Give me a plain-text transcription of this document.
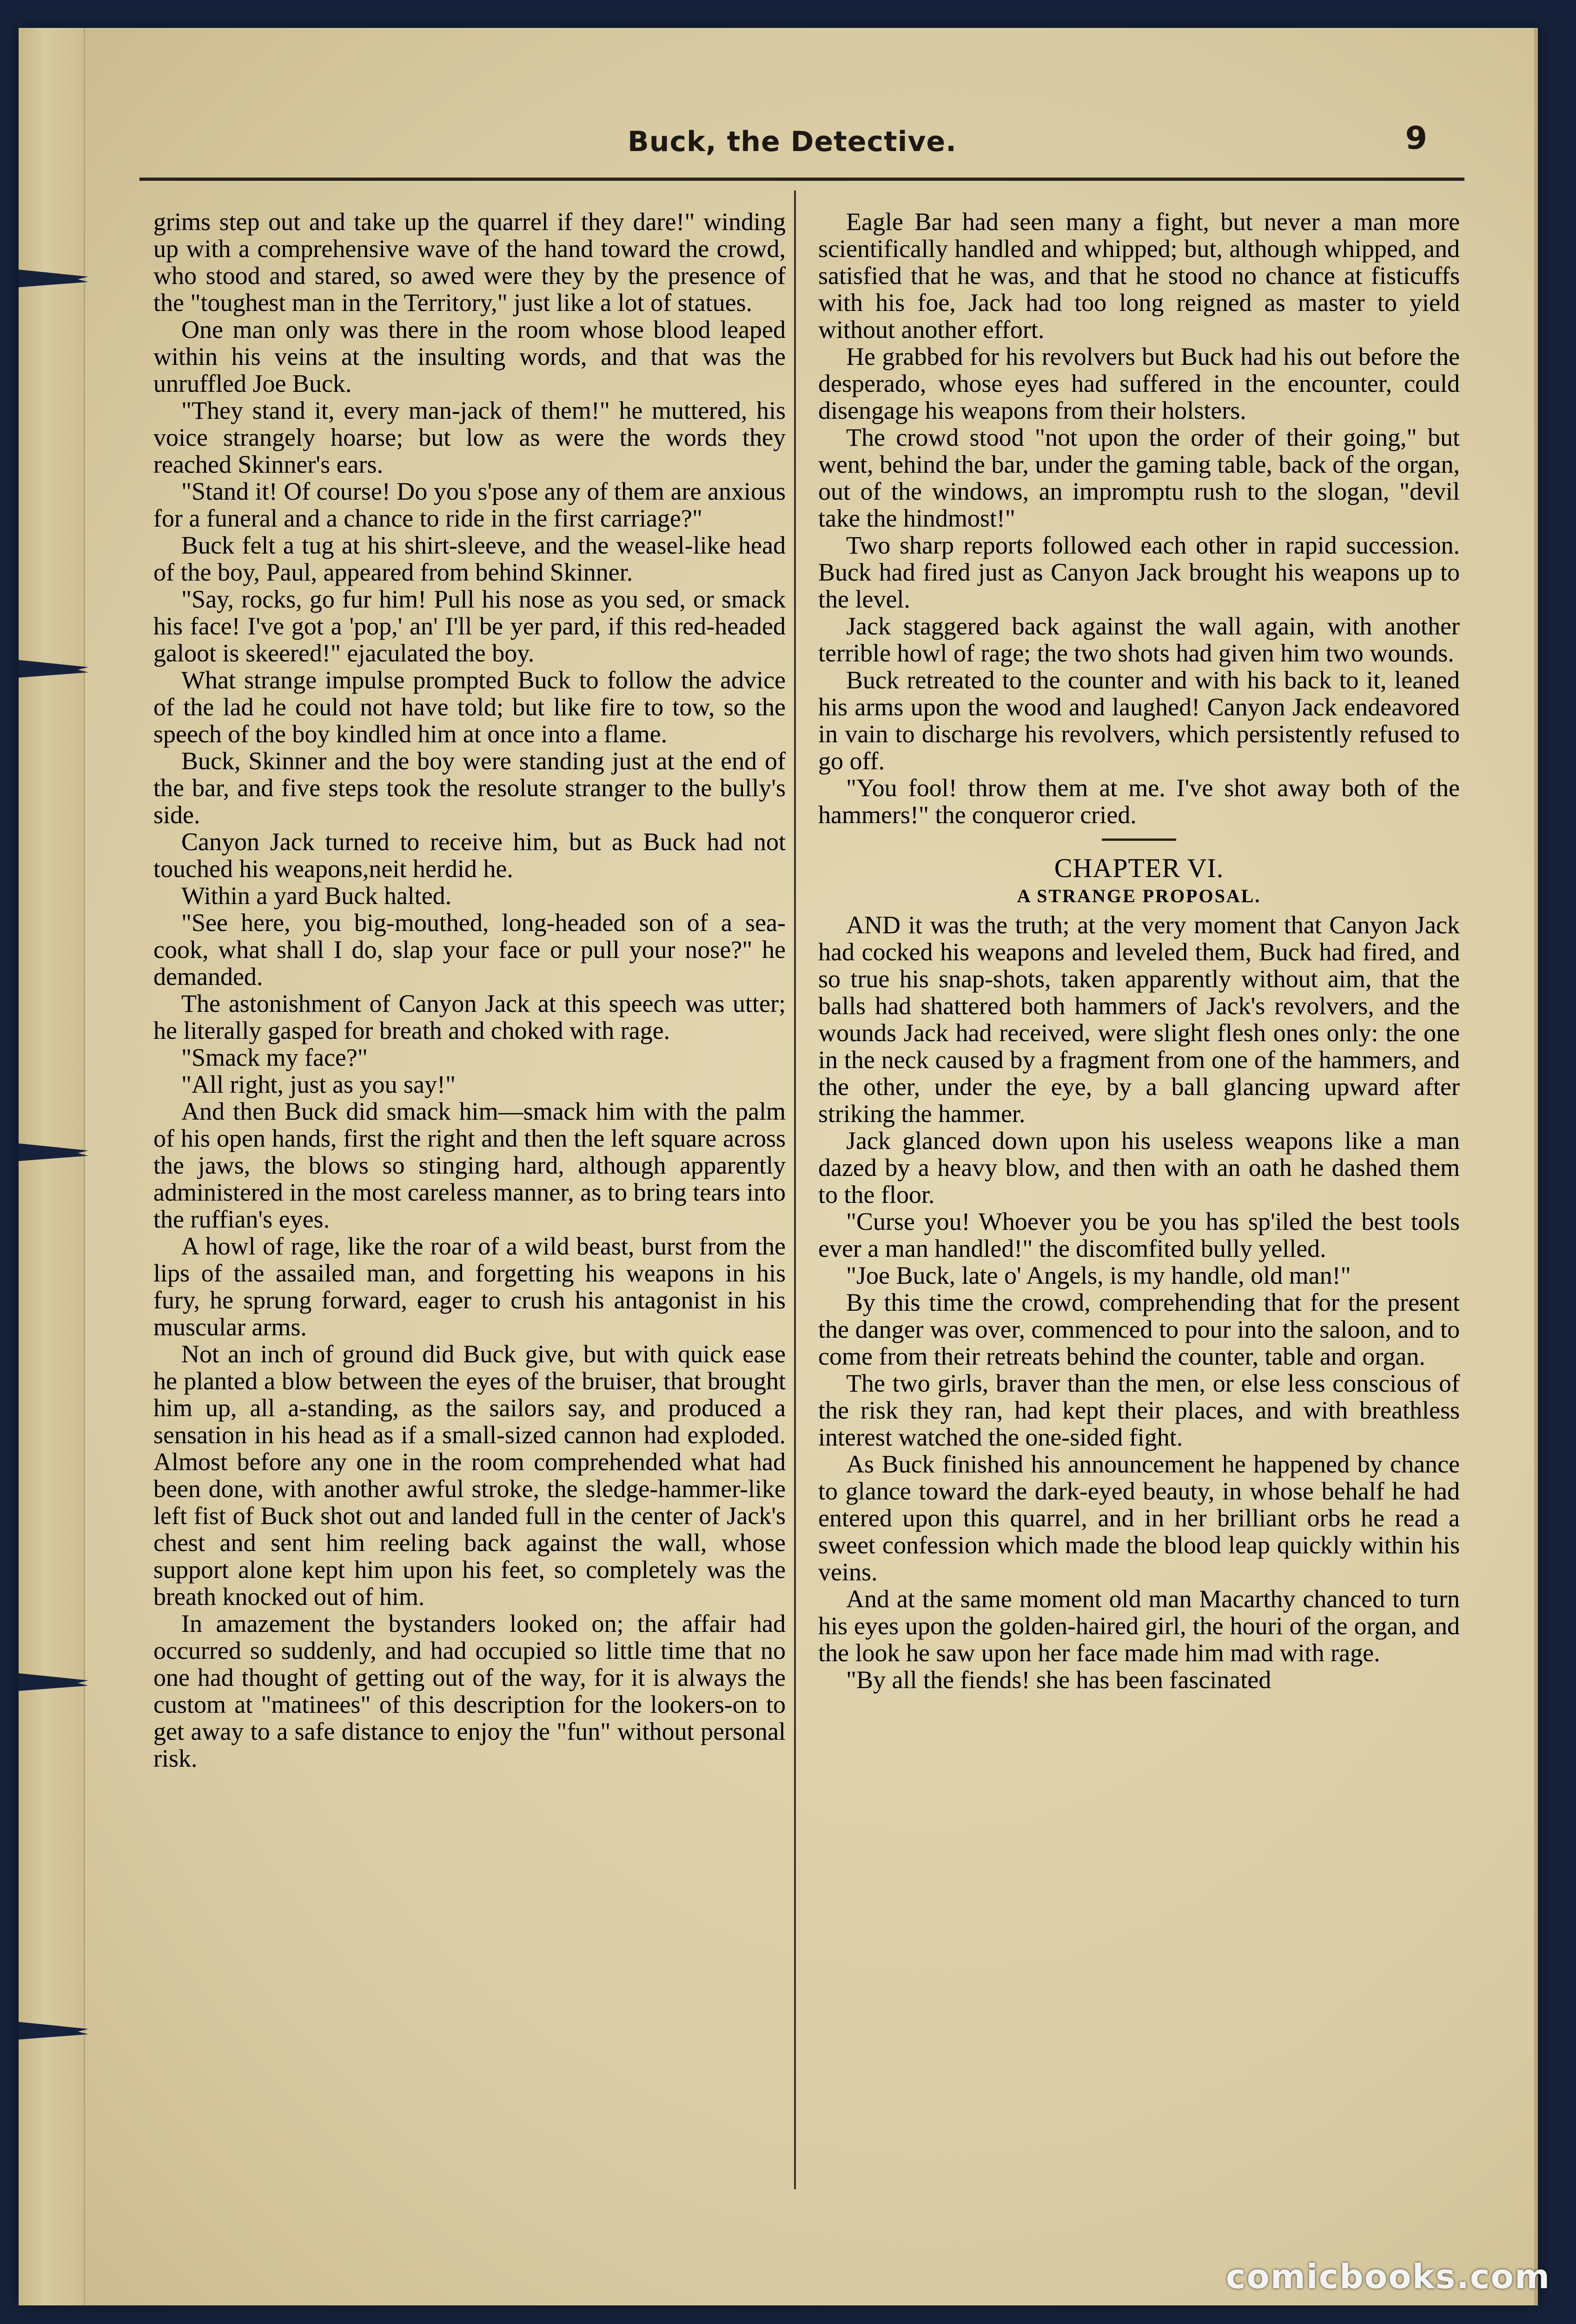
Buck, the Detective.	9

grims step out and take up the quarrel if they dare!" winding up with a comprehensive wave of the hand toward the crowd, who stood and stared, so awed were they by the presence of the "toughest man in the Territory," just like a lot of statues.

One man only was there in the room whose blood leaped within his veins at the insulting words, and that was the unruffled Joe Buck.

"They stand it, every man-jack of them!" he muttered, his voice strangely hoarse; but low as were the words they reached Skinner's ears.

"Stand it! Of course! Do you s'pose any of them are anxious for a funeral and a chance to ride in the first carriage?"

Buck felt a tug at his shirt-sleeve, and the weasel-like head of the boy, Paul, appeared from behind Skinner.

"Say, rocks, go fur him! Pull his nose as you sed, or smack his face! I've got a 'pop,' an' I'll be yer pard, if this red-headed galoot is skeered!" ejaculated the boy.

What strange impulse prompted Buck to follow the advice of the lad he could not have told; but like fire to tow, so the speech of the boy kindled him at once into a flame.

Buck, Skinner and the boy were standing just at the end of the bar, and five steps took the resolute stranger to the bully's side.

Canyon Jack turned to receive him, but as Buck had not touched his weapons,neit herdid he.

Within a yard Buck halted.

"See here, you big-mouthed, long-headed son of a sea-cook, what shall I do, slap your face or pull your nose?" he demanded.

The astonishment of Canyon Jack at this speech was utter; he literally gasped for breath and choked with rage.

"Smack my face?"

"All right, just as you say!"

And then Buck did smack him—smack him with the palm of his open hands, first the right and then the left square across the jaws, the blows so stinging hard, although apparently administered in the most careless manner, as to bring tears into the ruffian's eyes.

A howl of rage, like the roar of a wild beast, burst from the lips of the assailed man, and forgetting his weapons in his fury, he sprung forward, eager to crush his antagonist in his muscular arms.

Not an inch of ground did Buck give, but with quick ease he planted a blow between the eyes of the bruiser, that brought him up, all a-standing, as the sailors say, and produced a sensation in his head as if a small-sized cannon had exploded. Almost before any one in the room comprehended what had been done, with another awful stroke, the sledge-hammer-like left fist of Buck shot out and landed full in the center of Jack's chest and sent him reeling back against the wall, whose support alone kept him upon his feet, so completely was the breath knocked out of him.

In amazement the bystanders looked on; the affair had occurred so suddenly, and had occupied so little time that no one had thought of getting out of the way, for it is always the custom at "matinees" of this description for the lookers-on to get away to a safe distance to enjoy the "fun" without personal risk.

Eagle Bar had seen many a fight, but never a man more scientifically handled and whipped; but, although whipped, and satisfied that he was, and that he stood no chance at fisticuffs with his foe, Jack had too long reigned as master to yield without another effort.

He grabbed for his revolvers but Buck had his out before the desperado, whose eyes had suffered in the encounter, could disengage his weapons from their holsters.

The crowd stood "not upon the order of their going," but went, behind the bar, under the gaming table, back of the organ, out of the windows, an impromptu rush to the slogan, "devil take the hindmost!"

Two sharp reports followed each other in rapid succession. Buck had fired just as Canyon Jack brought his weapons up to the level.

Jack staggered back against the wall again, with another terrible howl of rage; the two shots had given him two wounds.

Buck retreated to the counter and with his back to it, leaned his arms upon the wood and laughed! Canyon Jack endeavored in vain to discharge his revolvers, which persistently refused to go off.

"You fool! throw them at me. I've shot away both of the hammers!" the conqueror cried.

CHAPTER VI.

A STRANGE PROPOSAL.

AND it was the truth; at the very moment that Canyon Jack had cocked his weapons and leveled them, Buck had fired, and so true his snap-shots, taken apparently without aim, that the balls had shattered both hammers of Jack's revolvers, and the wounds Jack had received, were slight flesh ones only: the one in the neck caused by a fragment from one of the hammers, and the other, under the eye, by a ball glancing upward after striking the hammer.

Jack glanced down upon his useless weapons like a man dazed by a heavy blow, and then with an oath he dashed them to the floor.

"Curse you! Whoever you be you has sp'iled the best tools ever a man handled!" the discomfited bully yelled.

"Joe Buck, late o' Angels, is my handle, old man!"

By this time the crowd, comprehending that for the present the danger was over, commenced to pour into the saloon, and to come from their retreats behind the counter, table and organ.

The two girls, braver than the men, or else less conscious of the risk they ran, had kept their places, and with breathless interest watched the one-sided fight.

As Buck finished his announcement he happened by chance to glance toward the dark-eyed beauty, in whose behalf he had entered upon this quarrel, and in her brilliant orbs he read a sweet confession which made the blood leap quickly within his veins.

And at the same moment old man Macarthy chanced to turn his eyes upon the golden-haired girl, the houri of the organ, and the look he saw upon her face made him mad with rage.

"By all the fiends! she has been fascinated

comicbooks.com
